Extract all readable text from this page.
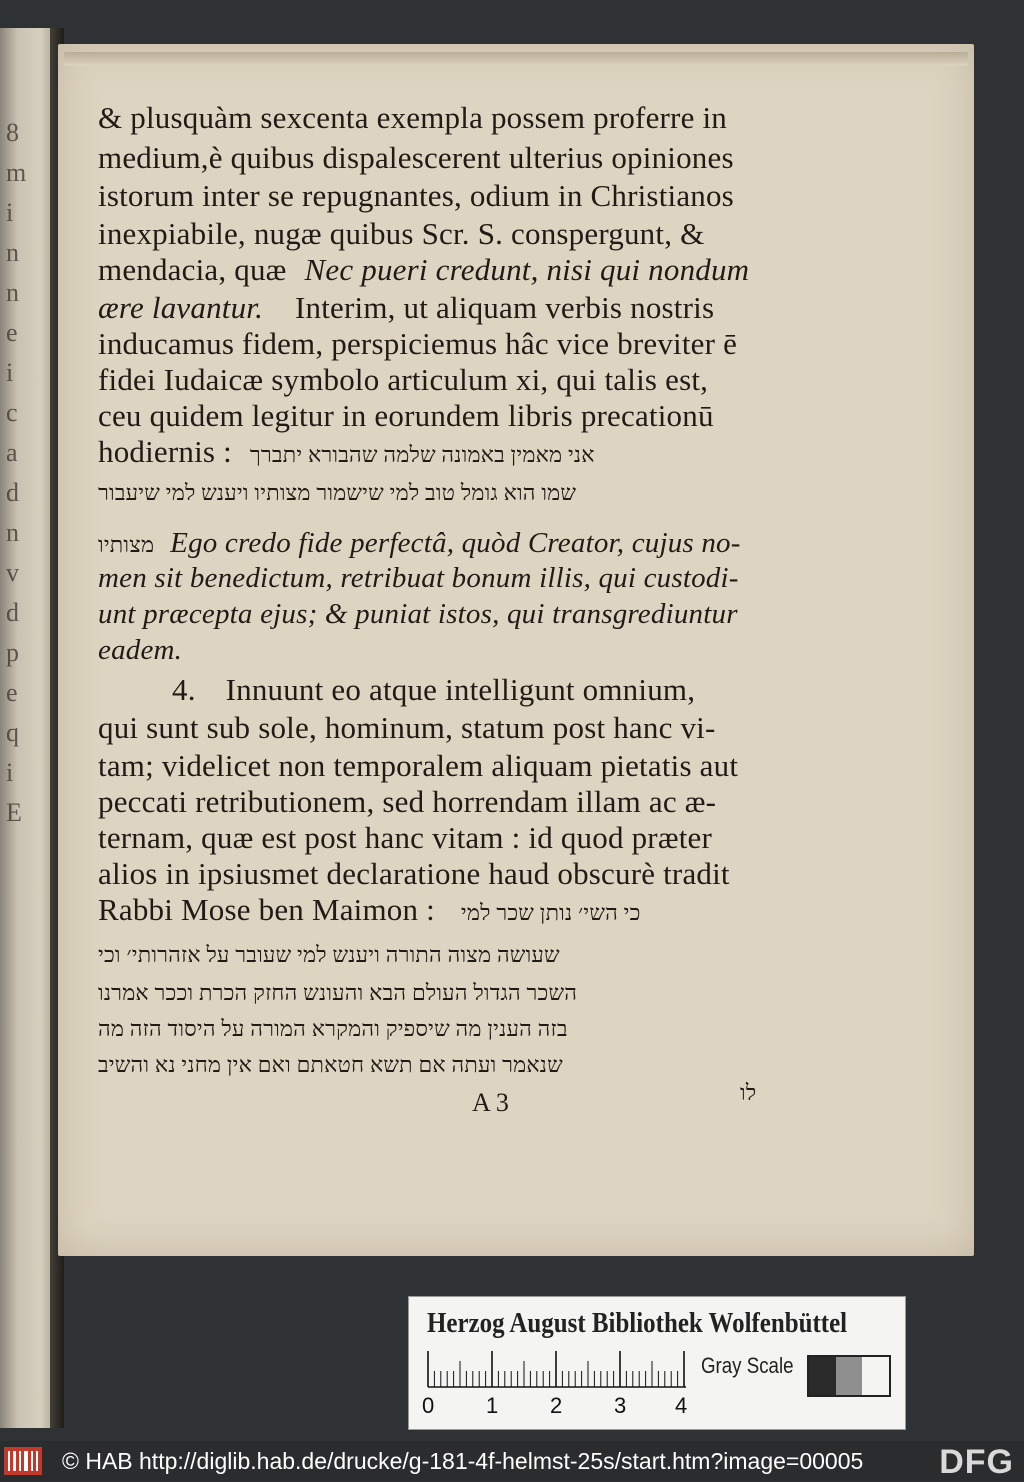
8
m
i
n
n
e
i
c
a
d
n
v
d
p
e
q
i
E
& plusquàm sexcenta exempla possem proferre in
medium,è quibus dispalescerent ulterius opiniones
istorum inter se repugnantes, odium in Christianos
inexpiabile, nugæ quibus Scr. S. conspergunt, &
mendacia, quæ Nec pueri credunt, nisi qui nondum
ære lavantur. Interim, ut aliquam verbis nostris
inducamus fidem, perspiciemus hâc vice breviter ē
fidei Iudaicæ symbolo articulum xi, qui talis est,
ceu quidem legitur in eorundem libris precationū
hodiernis : אני מאמין באמונה שלמה שהבורא יתברך
שמו הוא גומל טוב למי שישמור מצותיו ויענש למי שיעבור
מצותיו Ego credo fide perfectâ, quòd Creator, cujus no-
men sit benedictum, retribuat bonum illis, qui custodi-
unt præcepta ejus; & puniat istos, qui transgrediuntur
eadem.
4. Innuunt eo atque intelligunt omnium,
qui sunt sub sole, hominum, statum post hanc vi-
tam; videlicet non temporalem aliquam pietatis aut
peccati retributionem, sed horrendam illam ac æ-
ternam, quæ est post hanc vitam : id quod præter
alios in ipsiusmet declaratione haud obscurè tradit
Rabbi Mose ben Maimon : כי השי׳ נותן שכר למי
שעושה מצוה התורה ויענש למי שעובר על אזהרותי׳ וכי
השכר הגדול העולם הבא והעונש החזק הכרת וככר אמרנו
בזה הענין מה שיספיק והמקרא המורה על היסוד הזה מה
שנאמר ועתה אם תשא חטאתם ואם אין מחני נא והשיב
לו
A 3
Herzog August Bibliothek Wolfenbüttel
0 1 2 3 4
Gray Scale
© HAB http://diglib.hab.de/drucke/g-181-4f-helmst-25s/start.htm?image=00005 DFG
